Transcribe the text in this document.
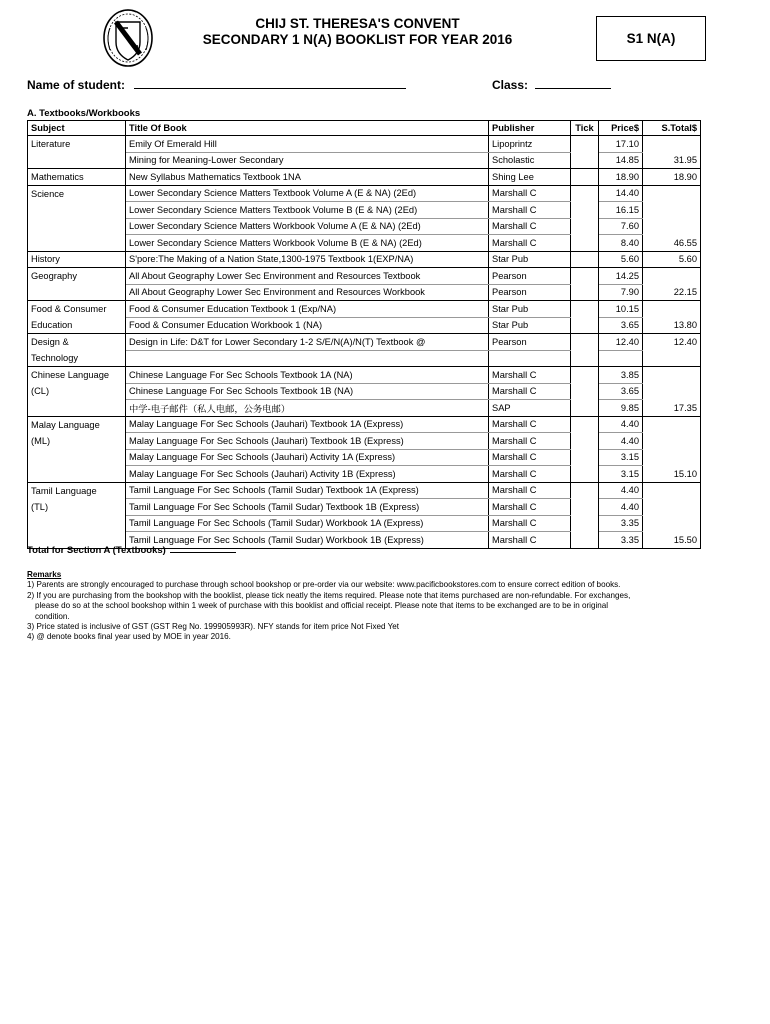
CHIJ ST. THERESA'S CONVENT
SECONDARY 1 N(A) BOOKLIST FOR YEAR 2016	S1 N(A)
Name of student:	Class:
A. Textbooks/Workbooks
Subject	Title Of Book	Publisher	Tick	Price$	S.Total$
Literature	Emily Of Emerald Hill	Lipoprintz		17.10	
	Mining for Meaning-Lower Secondary	Scholastic		14.85	31.95
Mathematics	New Syllabus Mathematics Textbook 1NA	Shing Lee		18.90	18.90
Science	Lower Secondary Science Matters Textbook Volume A (E & NA) (2Ed)	Marshall C		14.40	
	Lower Secondary Science Matters Textbook Volume B (E & NA) (2Ed)	Marshall C		16.15	
	Lower Secondary Science Matters Workbook Volume A (E & NA) (2Ed)	Marshall C		7.60	
	Lower Secondary Science Matters Workbook Volume B (E & NA) (2Ed)	Marshall C		8.40	46.55
History	S'pore:The Making of a Nation State,1300-1975 Textbook 1(EXP/NA)	Star Pub		5.60	5.60
Geography	All About Geography Lower Sec Environment and Resources Textbook	Pearson		14.25	
	All About Geography Lower Sec Environment and Resources Workbook	Pearson		7.90	22.15
Food & Consumer	Food & Consumer Education Textbook 1 (Exp/NA)	Star Pub		10.15	
Education	Food & Consumer Education Workbook 1 (NA)	Star Pub		3.65	13.80
Design &	Design in Life: D&T for Lower Secondary 1-2 S/E/N(A)/N(T) Textbook @	Pearson		12.40	12.40
Technology					
Chinese Language	Chinese Language For Sec Schools Textbook 1A (NA)	Marshall C		3.85	
(CL)	Chinese Language For Sec Schools Textbook 1B (NA)	Marshall C		3.65	
	中学-电子邮件（私人电邮，公务电邮）	SAP		9.85	17.35
Malay Language	Malay Language For Sec Schools (Jauhari) Textbook 1A (Express)	Marshall C		4.40	
(ML)	Malay Language For Sec Schools (Jauhari) Textbook 1B (Express)	Marshall C		4.40	
	Malay Language For Sec Schools (Jauhari) Activity 1A (Express)	Marshall C		3.15	
	Malay Language For Sec Schools (Jauhari) Activity 1B (Express)	Marshall C		3.15	15.10
Tamil Language	Tamil Language For Sec Schools (Tamil Sudar) Textbook 1A (Express)	Marshall C		4.40	
(TL)	Tamil Language For Sec Schools (Tamil Sudar) Textbook 1B (Express)	Marshall C		4.40	
	Tamil Language For Sec Schools (Tamil Sudar) Workbook 1A (Express)	Marshall C		3.35	
	Tamil Language For Sec Schools (Tamil Sudar) Workbook 1B (Express)	Marshall C		3.35	15.50
Total for Section A (Textbooks)
Remarks
1) Parents are strongly encouraged to purchase through school bookshop or pre-order via our website: www.pacificbookstores.com to ensure correct edition of books.
2) If you are purchasing from the bookshop with the booklist, please tick neatly the items required. Please note that items purchased are non-refundable. For exchanges,
please do so at the school bookshop within 1 week of purchase with this booklist and official receipt. Please note that items to be exchanged are to be in original
condition.
3) Price stated is inclusive of GST (GST Reg No. 199905993R). NFY stands for item price Not Fixed Yet
4) @ denote books final year used by MOE in year 2016.
